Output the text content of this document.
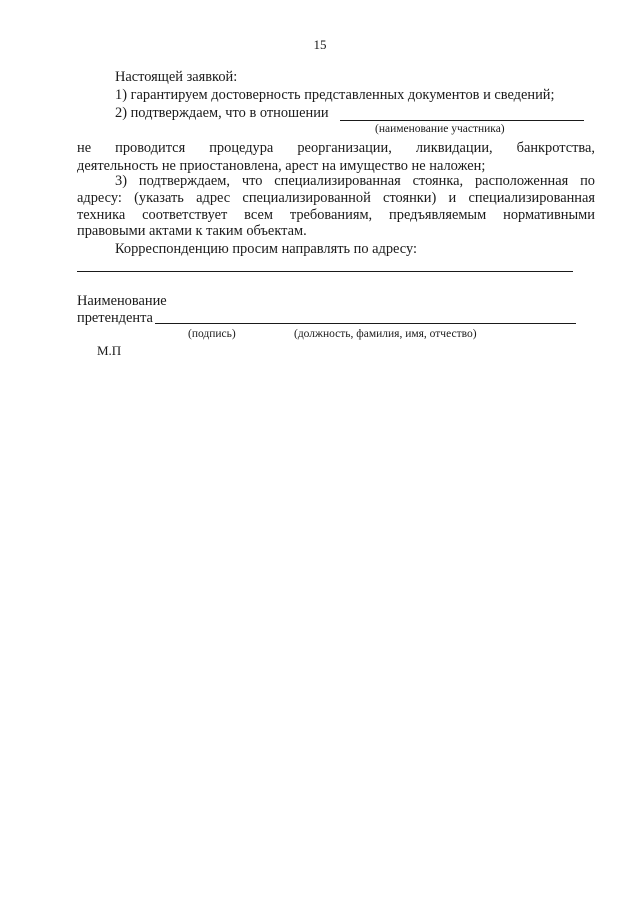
15
Настоящей заявкой:
1) гарантируем достоверность представленных документов и сведений;
2) подтверждаем, что в отношении
(наименование участника)
не проводится процедура реорганизации, ликвидации, банкротства,
деятельность не приостановлена, арест на имущество не наложен;
3) подтверждаем, что специализированная стоянка, расположенная по
адресу: (указать адрес специализированной стоянки) и специализированная
техника соответствует всем требованиям, предъявляемым нормативными
правовыми актами к таким объектам.
Корреспонденцию просим направлять по адресу:
Наименование
претендента
(подпись)	(должность, фамилия, имя, отчество)
М.П
